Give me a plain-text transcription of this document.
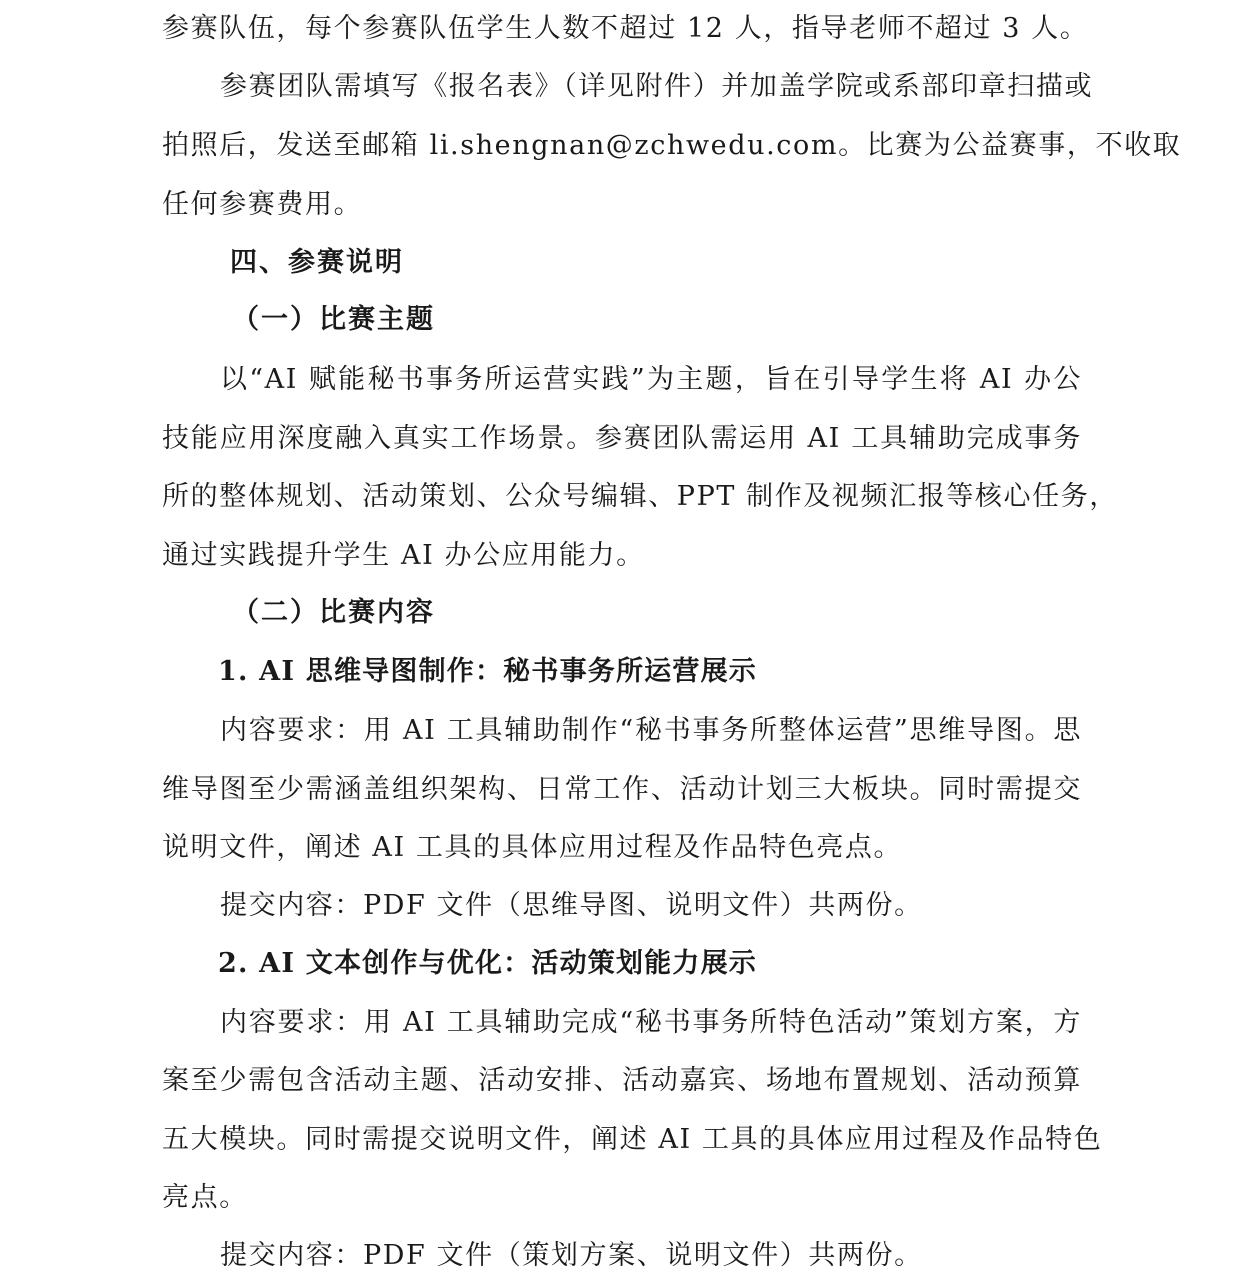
参赛队伍，每个参赛队伍学生人数不超过 12 人，指导老师不超过 3 人。
参赛团队需填写《报名表》（详见附件）并加盖学院或系部印章扫描或
拍照后，发送至邮箱 li.shengnan@zchwedu.com。比赛为公益赛事，不收取
任何参赛费用。
四、参赛说明
（一）比赛主题
以“AI 赋能秘书事务所运营实践”为主题，旨在引导学生将 AI 办公
技能应用深度融入真实工作场景。参赛团队需运用 AI 工具辅助完成事务
所的整体规划、活动策划、公众号编辑、PPT 制作及视频汇报等核心任务，
通过实践提升学生 AI 办公应用能力。
（二）比赛内容
1. AI 思维导图制作：秘书事务所运营展示
内容要求：用 AI 工具辅助制作“秘书事务所整体运营”思维导图。思
维导图至少需涵盖组织架构、日常工作、活动计划三大板块。同时需提交
说明文件，阐述 AI 工具的具体应用过程及作品特色亮点。
提交内容：PDF 文件（思维导图、说明文件）共两份。
2. AI 文本创作与优化：活动策划能力展示
内容要求：用 AI 工具辅助完成“秘书事务所特色活动”策划方案，方
案至少需包含活动主题、活动安排、活动嘉宾、场地布置规划、活动预算
五大模块。同时需提交说明文件，阐述 AI 工具的具体应用过程及作品特色
亮点。
提交内容：PDF 文件（策划方案、说明文件）共两份。
